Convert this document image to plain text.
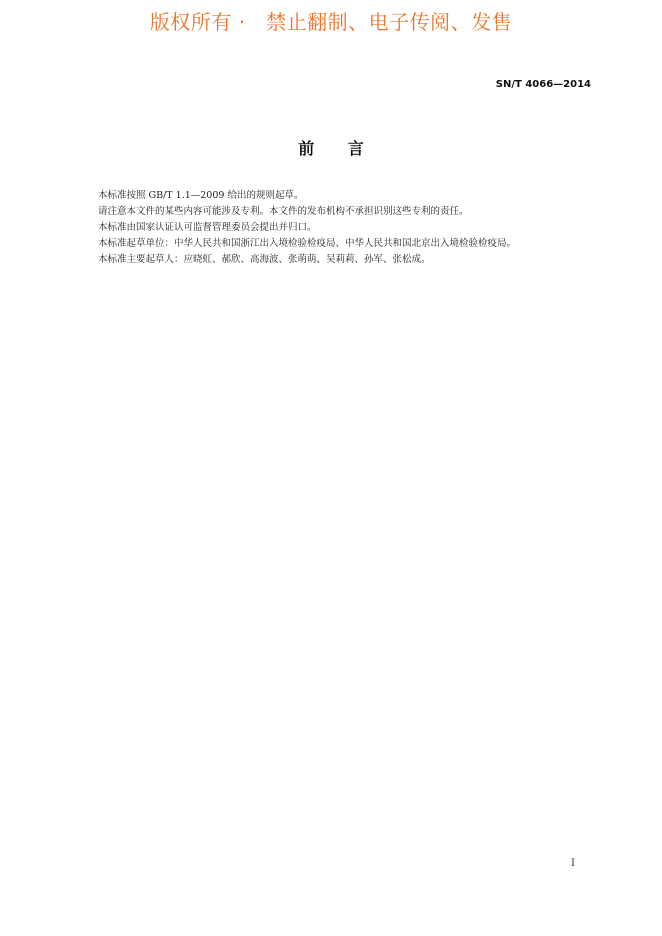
版权所有 ·   禁止翻制、电子传阅、发售
SN/T 4066—2014
前      言

本标准按照 GB/T 1.1—2009 给出的规则起草。

请注意本文件的某些内容可能涉及专利。本文件的发布机构不承担识别这些专利的责任。

本标准由国家认证认可监督管理委员会提出并归口。

本标准起草单位：中华人民共和国浙江出入境检验检疫局、中华人民共和国北京出入境检验检疫局。

本标准主要起草人：应晓虹、郝欣、高海波、张萌萌、吴莉莉、孙军、张松成。

I
